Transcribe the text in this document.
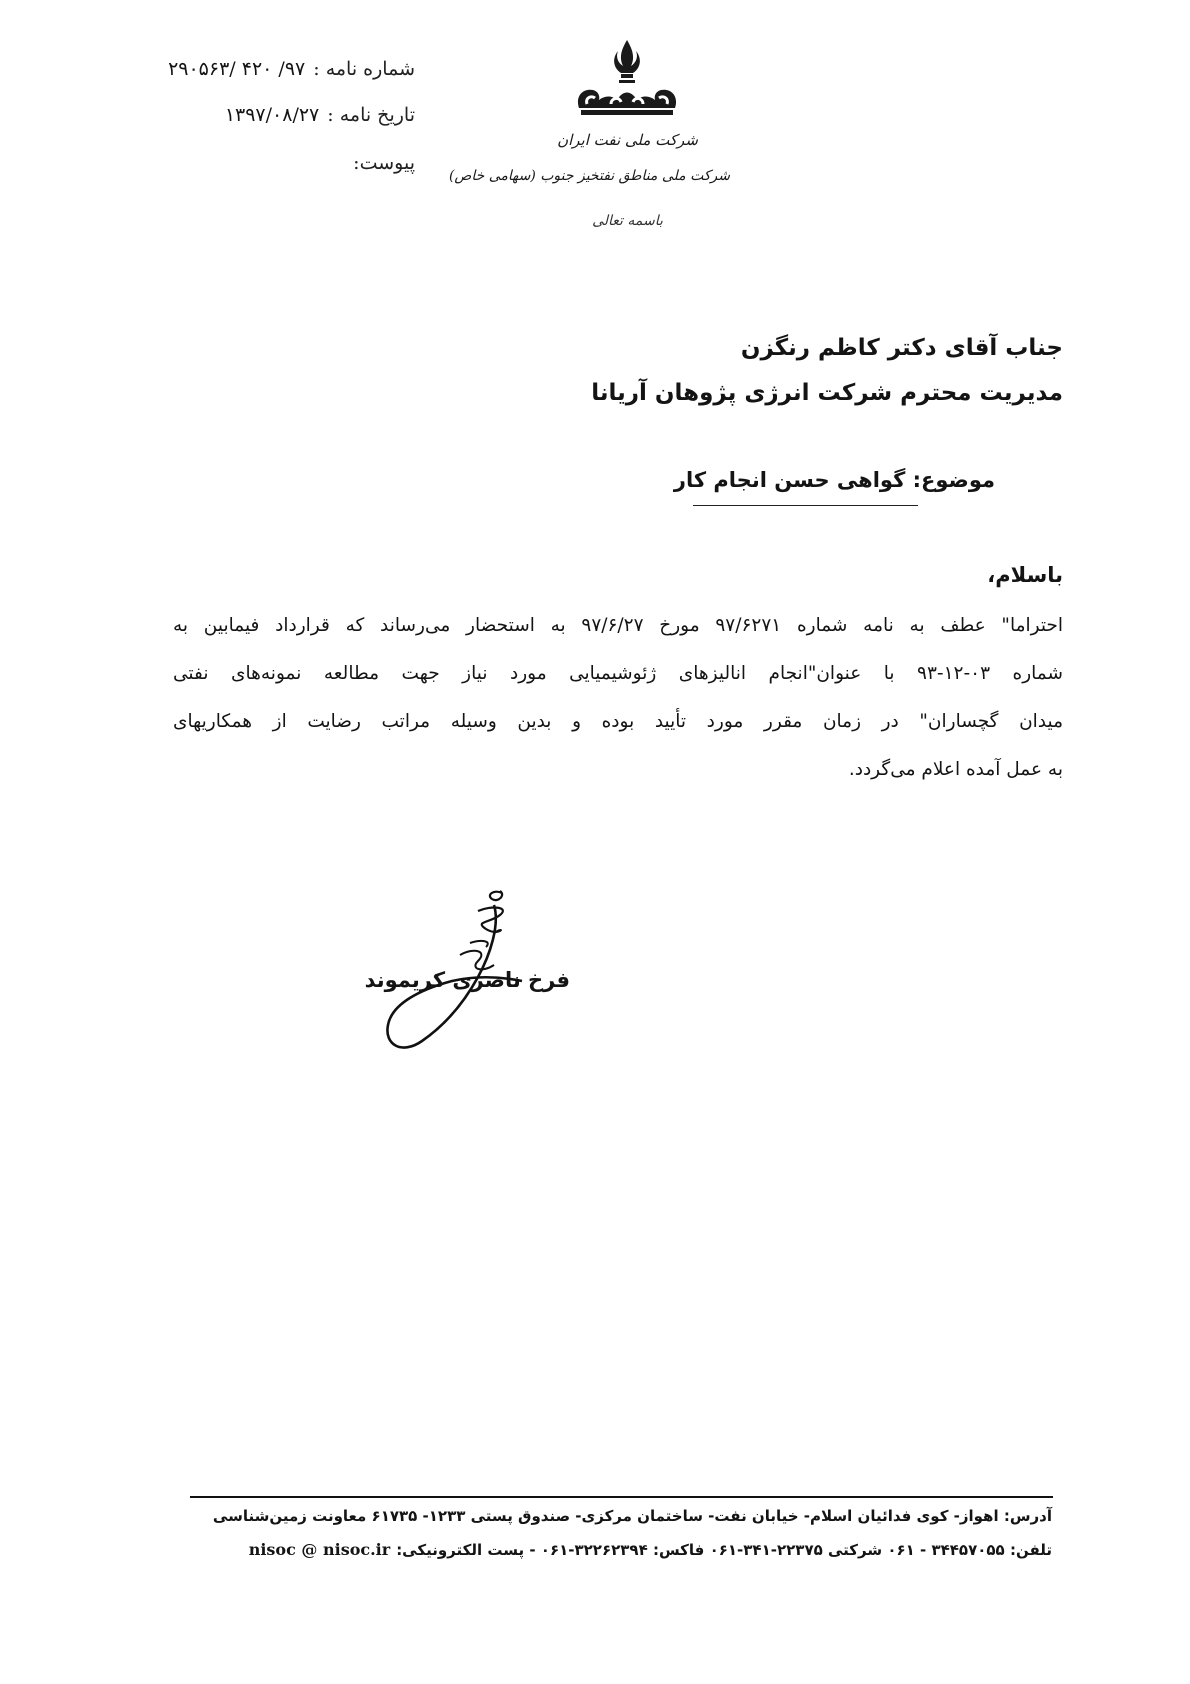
شماره نامه :۹۷/ ۴۲۰ /۲۹۰۵۶۳
تاریخ نامه :۱۳۹۷/۰۸/۲۷
پیوست:
شرکت ملی نفت ایران
شرکت ملی مناطق نفتخیز جنوب (سهامی خاص)
باسمه تعالی
جناب آقای دکتر کاظم رنگزن
مدیریت محترم شرکت انرژی پژوهان آریانا
موضوع: گواهی حسن انجام کار
باسلام،
احتراما" عطف به نامه شماره ۹۷/۶۲۷۱ مورخ ۹۷/۶/۲۷ به استحضار می‌رساند که قرارداد فیمابین به
شماره ۰۳-۱۲-۹۳ با عنوان"انجام انالیزهای ژئوشیمیایی مورد نیاز جهت مطالعه نمونه‌های نفتی
میدان گچساران" در زمان مقرر مورد تأیید بوده و بدین وسیله مراتب رضایت از همکاریهای
به عمل آمده اعلام می‌گردد.
فرخ ناصری کریموند
آدرس: اهواز- کوی فدائیان اسلام- خیابان نفت- ساختمان مرکزی- صندوق پستی ۱۲۳۳- ۶۱۷۳۵ معاونت زمین‌شناسی
تلفن: ۳۴۴۵۷۰۵۵ - ۰۶۱ شرکتی ۲۲۳۷۵-۳۴۱-۰۶۱ فاکس: ۳۲۲۶۲۳۹۴-۰۶۱ - پست الکترونیکی:nisoc @ nisoc.ir
